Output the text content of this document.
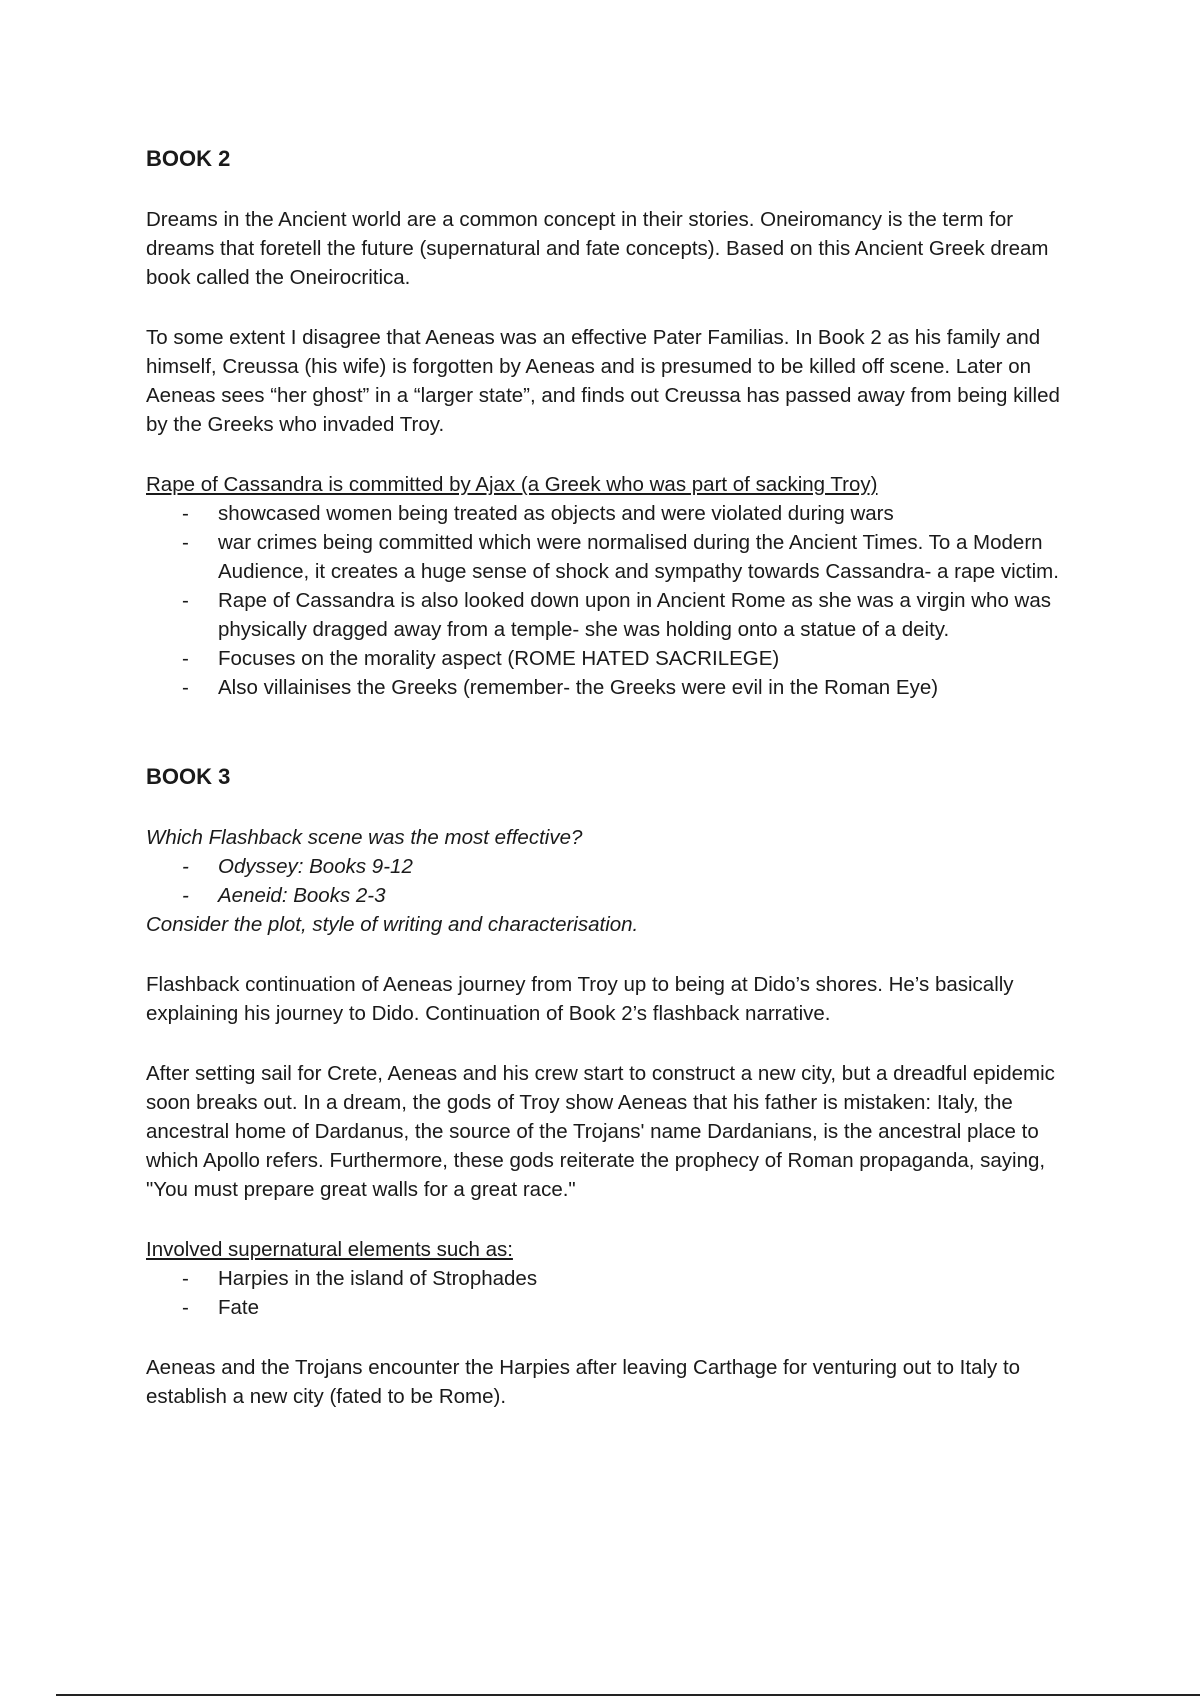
BOOK 2

Dreams in the Ancient world are a common concept in their stories. Oneiromancy is the term for dreams that foretell the future (supernatural and fate concepts). Based on this Ancient Greek dream book called the Oneirocritica.

To some extent I disagree that Aeneas was an effective Pater Familias. In Book 2 as his family and himself, Creussa (his wife) is forgotten by Aeneas and is presumed to be killed off scene. Later on Aeneas sees “her ghost” in a “larger state”, and finds out Creussa has passed away from being killed by the Greeks who invaded Troy.

Rape of Cassandra is committed by Ajax (a Greek who was part of sacking Troy)

- showcased women being treated as objects and were violated during wars
- war crimes being committed which were normalised during the Ancient Times. To a Modern Audience, it creates a huge sense of shock and sympathy towards Cassandra- a rape victim.
- Rape of Cassandra is also looked down upon in Ancient Rome as she was a virgin who was physically dragged away from a temple- she was holding onto a statue of a deity.
- Focuses on the morality aspect (ROME HATED SACRILEGE)
- Also villainises the Greeks (remember- the Greeks were evil in the Roman Eye)
BOOK 3

Which Flashback scene was the most effective?

- Odyssey: Books 9-12
- Aeneid: Books 2-3

Consider the plot, style of writing and characterisation.

Flashback continuation of Aeneas journey from Troy up to being at Dido’s shores. He’s basically explaining his journey to Dido. Continuation of Book 2’s flashback narrative.

After setting sail for Crete, Aeneas and his crew start to construct a new city, but a dreadful epidemic soon breaks out. In a dream, the gods of Troy show Aeneas that his father is mistaken: Italy, the ancestral home of Dardanus, the source of the Trojans' name Dardanians, is the ancestral place to which Apollo refers. Furthermore, these gods reiterate the prophecy of Roman propaganda, saying, "You must prepare great walls for a great race."

Involved supernatural elements such as:

- Harpies in the island of Strophades
- Fate

Aeneas and the Trojans encounter the Harpies after leaving Carthage for venturing out to Italy to establish a new city (fated to be Rome).
